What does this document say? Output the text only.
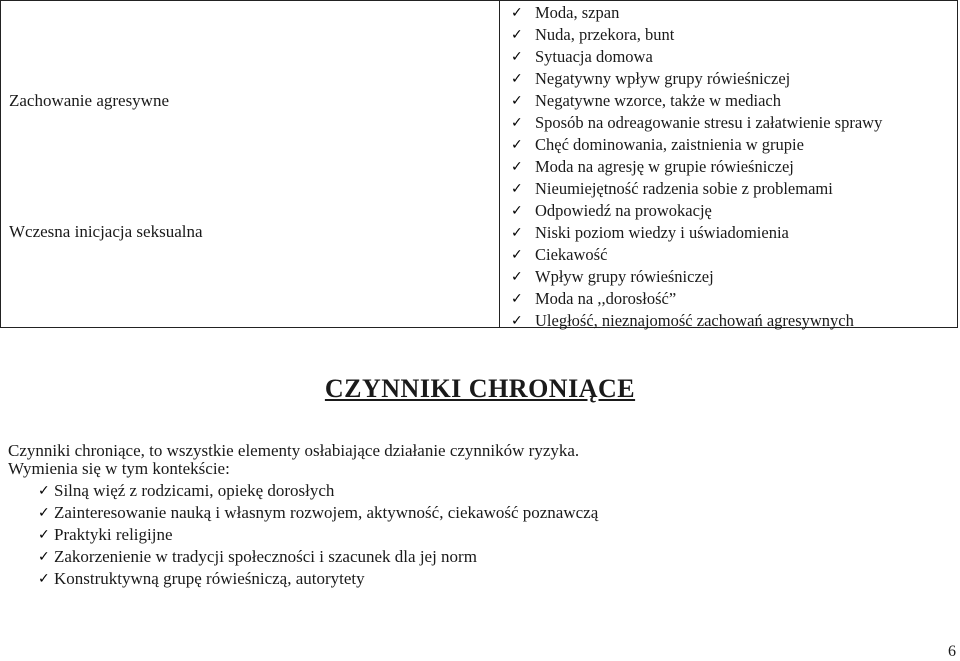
Zachowanie agresywne
Wczesna inicjacja seksualna
✓ Moda, szpan
✓ Nuda, przekora, bunt
✓ Sytuacja domowa
✓ Negatywny wpływ grupy rówieśniczej
✓ Negatywne wzorce, także w mediach
✓ Sposób na odreagowanie stresu i załatwienie sprawy
✓ Chęć dominowania, zaistnienia w grupie
✓ Moda na agresję w grupie rówieśniczej
✓ Nieumiejętność radzenia sobie z problemami
✓ Odpowiedź na prowokację
✓ Niski poziom wiedzy i uświadomienia
✓ Ciekawość
✓ Wpływ grupy rówieśniczej
✓ Moda na ,,dorosłość”
✓ Uległość, nieznajomość zachowań agresywnych
CZYNNIKI CHRONIĄCE
Czynniki chroniące, to wszystkie elementy osłabiające działanie czynników ryzyka.
Wymienia się w tym kontekście:
✓ Silną więź z rodzicami, opiekę dorosłych
✓ Zainteresowanie nauką i własnym rozwojem, aktywność, ciekawość poznawczą
✓ Praktyki religijne
✓ Zakorzenienie w tradycji społeczności i szacunek dla jej norm
✓ Konstruktywną grupę rówieśniczą, autorytety
6
